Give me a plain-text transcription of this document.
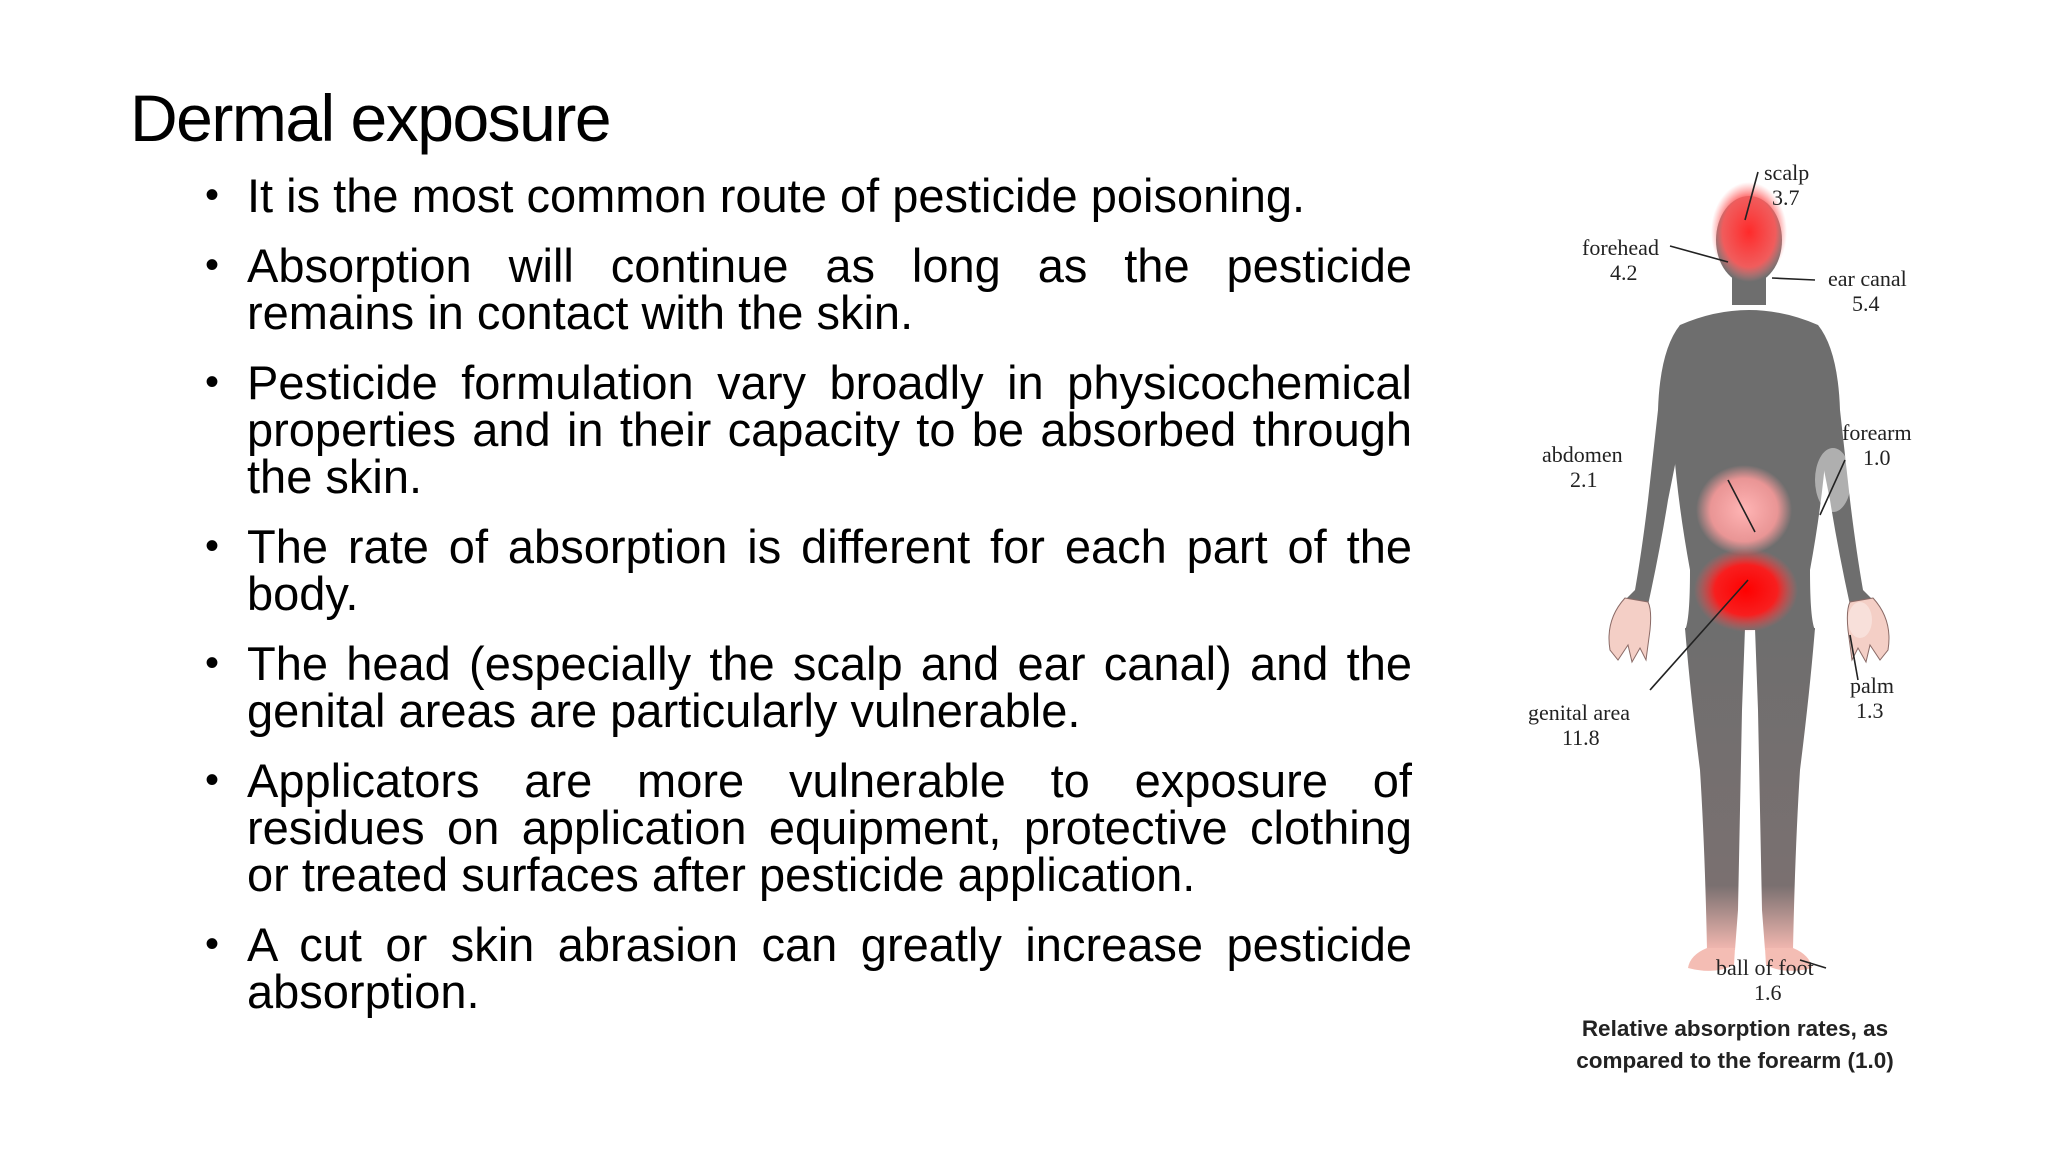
Dermal exposure
• It is the most common route of pesticide poisoning.
• Absorption will continue as long as the pesticide remains in contact with the skin.
• Pesticide formulation vary broadly in physicochemical properties and in their capacity to be absorbed through the skin.
• The rate of absorption is different for each part of the body.
• The head (especially the scalp and ear canal) and the genital areas are particularly vulnerable.
• Applicators are more vulnerable to exposure of residues on application equipment, protective clothing or treated surfaces after pesticide application.
• A cut or skin abrasion can greatly increase pesticide absorption.
scalp
3.7
forehead
4.2	ear canal
5.4
abdomen
2.1
forearm
1.0
genital area
11.8
palm
1.3
ball of foot
1.6
Relative absorption rates, as
compared to the forearm (1.0)
